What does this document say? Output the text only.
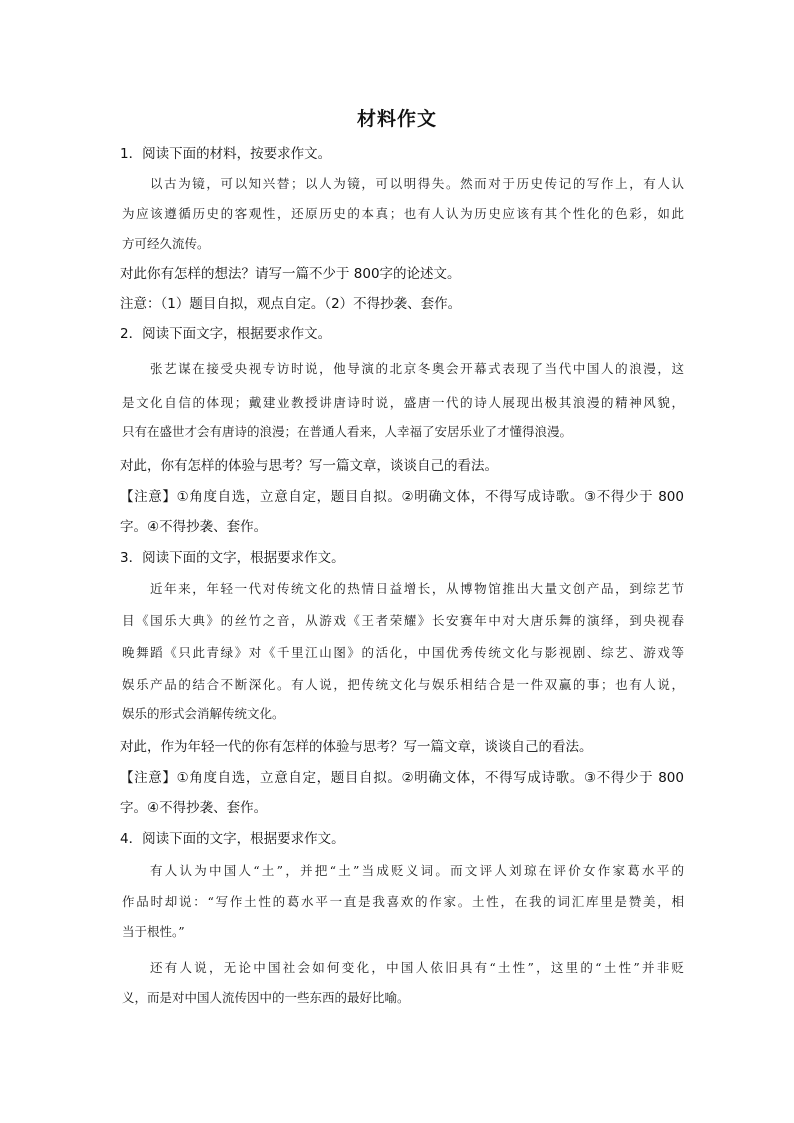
材料作文
1．阅读下面的材料，按要求作文。
以古为镜，可以知兴替；以人为镜，可以明得失。然而对于历史传记的写作上，有人认
为应该遵循历史的客观性，还原历史的本真；也有人认为历史应该有其个性化的色彩，如此
方可经久流传。
对此你有怎样的想法？请写一篇不少于 800字的论述文。
注意：（1）题目自拟，观点自定。（2）不得抄袭、套作。
2．阅读下面文字，根据要求作文。
张艺谋在接受央视专访时说，他导演的北京冬奥会开幕式表现了当代中国人的浪漫，这
是文化自信的体现；戴建业教授讲唐诗时说，盛唐一代的诗人展现出极其浪漫的精神风貌，
只有在盛世才会有唐诗的浪漫；在普通人看来，人幸福了安居乐业了才懂得浪漫。
对此，你有怎样的体验与思考？写一篇文章，谈谈自己的看法。
【注意】①角度自选，立意自定，题目自拟。②明确文体，不得写成诗歌。③不得少于 800
字。④不得抄袭、套作。
3．阅读下面的文字，根据要求作文。
近年来，年轻一代对传统文化的热情日益增长，从博物馆推出大量文创产品，到综艺节
目《国乐大典》的丝竹之音，从游戏《王者荣耀》长安赛年中对大唐乐舞的演绎，到央视春
晚舞蹈《只此青绿》对《千里江山图》的活化，中国优秀传统文化与影视剧、综艺、游戏等
娱乐产品的结合不断深化。有人说，把传统文化与娱乐相结合是一件双赢的事；也有人说，
娱乐的形式会消解传统文化。
对此，作为年轻一代的你有怎样的体验与思考？写一篇文章，谈谈自己的看法。
【注意】①角度自选，立意自定，题目自拟。②明确文体，不得写成诗歌。③不得少于 800
字。④不得抄袭、套作。
4．阅读下面的文字，根据要求作文。
有人认为中国人“土”，并把“土”当成贬义词。而文评人刘琼在评价女作家葛水平的
作品时却说：“写作土性的葛水平一直是我喜欢的作家。土性，在我的词汇库里是赞美，相
当于根性。”
还有人说，无论中国社会如何变化，中国人依旧具有“土性”，这里的“土性”并非贬
义，而是对中国人流传因中的一些东西的最好比喻。
